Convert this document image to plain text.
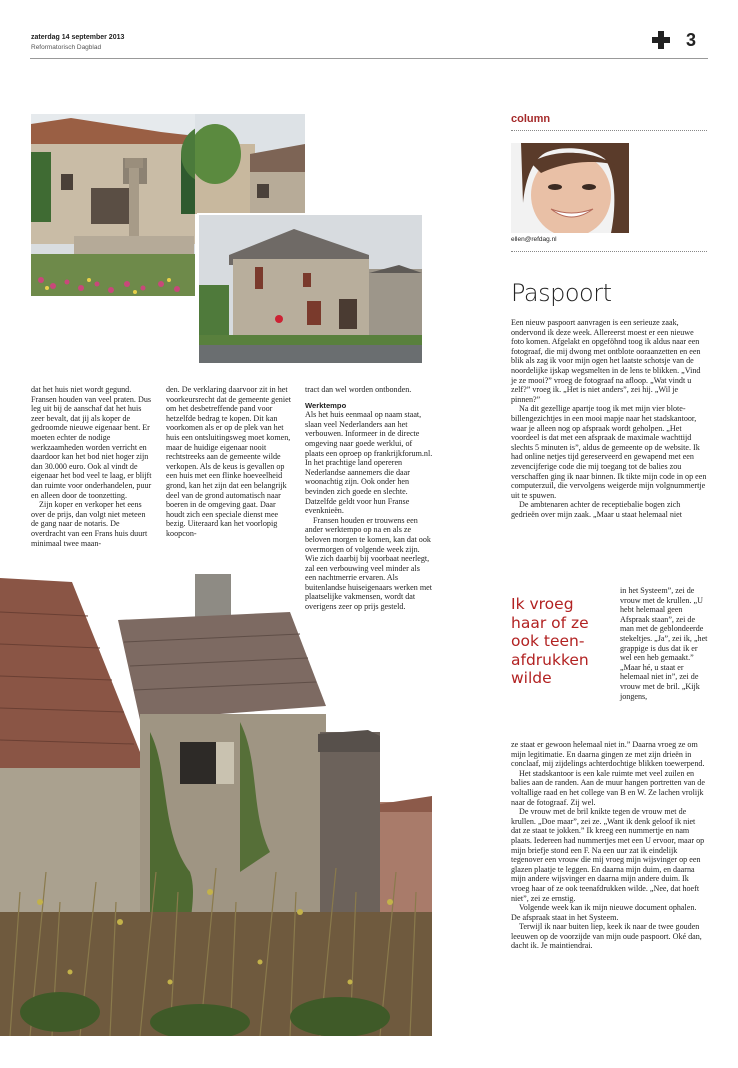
zaterdag 14 september 2013
Reformatorisch Dagblad	3

dat het huis niet wordt gegund. Fransen houden van veel praten. Dus leg uit bij de aanschaf dat het huis zeer bevalt, dat jij als koper de gedroomde nieuwe eigenaar bent. Er moeten echter de nodige werkzaamheden worden verricht en daardoor kan het bod niet hoger zijn dan 30.000 euro. Ook al vindt de eigenaar het bod veel te laag, er blijft dan ruimte voor onderhandelen, puur en alleen door de toonzetting.

Zijn koper en verkoper het eens over de prijs, dan volgt niet meteen de gang naar de notaris. De overdracht van een Frans huis duurt minimaal twee maan-

den. De verklaring daarvoor zit in het voorkeursrecht dat de gemeente geniet om het desbetreffende pand voor hetzelfde bedrag te kopen. Dit kan voorkomen als er op de plek van het huis een ontsluitingsweg moet komen, maar de huidige eigenaar nooit rechtstreeks aan de gemeente wilde verkopen. Als de keus is gevallen op een huis met een flinke hoeveelheid grond, kan het zijn dat een belangrijk deel van de grond automatisch naar boeren in de omgeving gaat. Daar houdt zich een speciale dienst mee bezig. Uiteraard kan het voorlopig koopcon-

tract dan wel worden ontbonden.

Werktempo

Als het huis eenmaal op naam staat, slaan veel Nederlanders aan het verbouwen. Informeer in de directe omgeving naar goede werklui, of plaats een oproep op frankrijkforum.nl. In het prachtige land opereren Nederlandse aannemers die daar woonachtig zijn. Ook onder hen bevinden zich goede en slechte. Datzelfde geldt voor hun Franse evenknieën.

Fransen houden er trouwens een ander werktempo op na en als ze beloven morgen te komen, kan dat ook overmorgen of volgende week zijn. Wie zich daarbij bij voorbaat neerlegt, zal een verbouwing veel minder als een nachtmerrie ervaren. Als buitenlandse huiseigenaars werken met plaatselijke vakmensen, wordt dat overigens zeer op prijs gesteld.

column
ellen@refdag.nl
Paspoort

Een nieuw paspoort aanvragen is een serieuze zaak, ondervond ik deze week. Allereerst moest er een nieuwe foto komen. Afgelakt en opgeföhnd toog ik aldus naar een fotograaf, die mij dwong met ontblote ooraanzetten en een blik als zag ik voor mijn ogen het laatste schotsje van de noordelijke ijskap wegsmelten in de lens te blikken. „Vind je ze mooi?” vroeg de fotograaf na afloop. „Wat vindt u zelf?” vroeg ik. „Het is niet anders”, zei hij. „Wil je pinnen?”

Na dit gezellige apartje toog ik met mijn vier blote-billengezichtjes in een mooi mapje naar het stadskantoor, waar je alleen nog op afspraak wordt geholpen. „Het voordeel is dat met een afspraak de maximale wachttijd slechts 5 minuten is”, aldus de gemeente op de website. Ik had online netjes tijd gereserveerd en gewapend met een zevencijferige code die mij toegang tot de balies zou verschaffen ging ik naar binnen. Ik tikte mijn code in op een computerzuil, die vervolgens weigerde mijn volgnummertje uit te spuwen.

De ambtenaren achter de receptiebalie bogen zich gedrieën over mijn zaak. „Maar u staat helemaal niet

Ik vroeg haar of ze ook teen-afdrukken wilde

in het Systeem”, zei de vrouw met de krullen. „U hebt helemaal geen Afspraak staan”, zei de man met de geblondeerde stekeltjes. „Ja”, zei ik, „het grappige is dus dat ik er wel een heb gemaakt.” „Maar hé, u staat er helemaal niet in”, zei de vrouw met de bril. „Kijk jongens,

ze staat er gewoon helemaal niet in.” Daarna vroeg ze om mijn legitimatie. En daarna gingen ze met zijn drieën in conclaaf, mij zijdelings achterdochtige blikken toewerpend.

Het stadskantoor is een kale ruimte met veel zuilen en balies aan de randen. Aan de muur hangen portretten van de voltallige raad en het college van B en W. Ze lachen vrolijk naar de fotograaf. Zij wel.

De vrouw met de bril knikte tegen de vrouw met de krullen. „Doe maar”, zei ze. „Want ik denk geloof ik niet dat ze staat te jokken.” Ik kreeg een nummertje en nam plaats. Iedereen had nummertjes met een U ervoor, maar op mijn briefje stond een F. Na een uur zat ik eindelijk tegenover een vrouw die mij vroeg mijn wijsvinger op een glazen plaatje te leggen. En daarna mijn duim, en daarna mijn andere wijsvinger en daarna mijn andere duim. Ik vroeg haar of ze ook teenafdrukken wilde. „Nee, dat hoeft niet”, zei ze ernstig.

Volgende week kan ik mijn nieuwe document ophalen. De afspraak staat in het Systeem.

Terwijl ik naar buiten liep, keek ik naar de twee gouden leeuwen op de voorzijde van mijn oude paspoort. Oké dan, dacht ik. Je maintiendrai.
